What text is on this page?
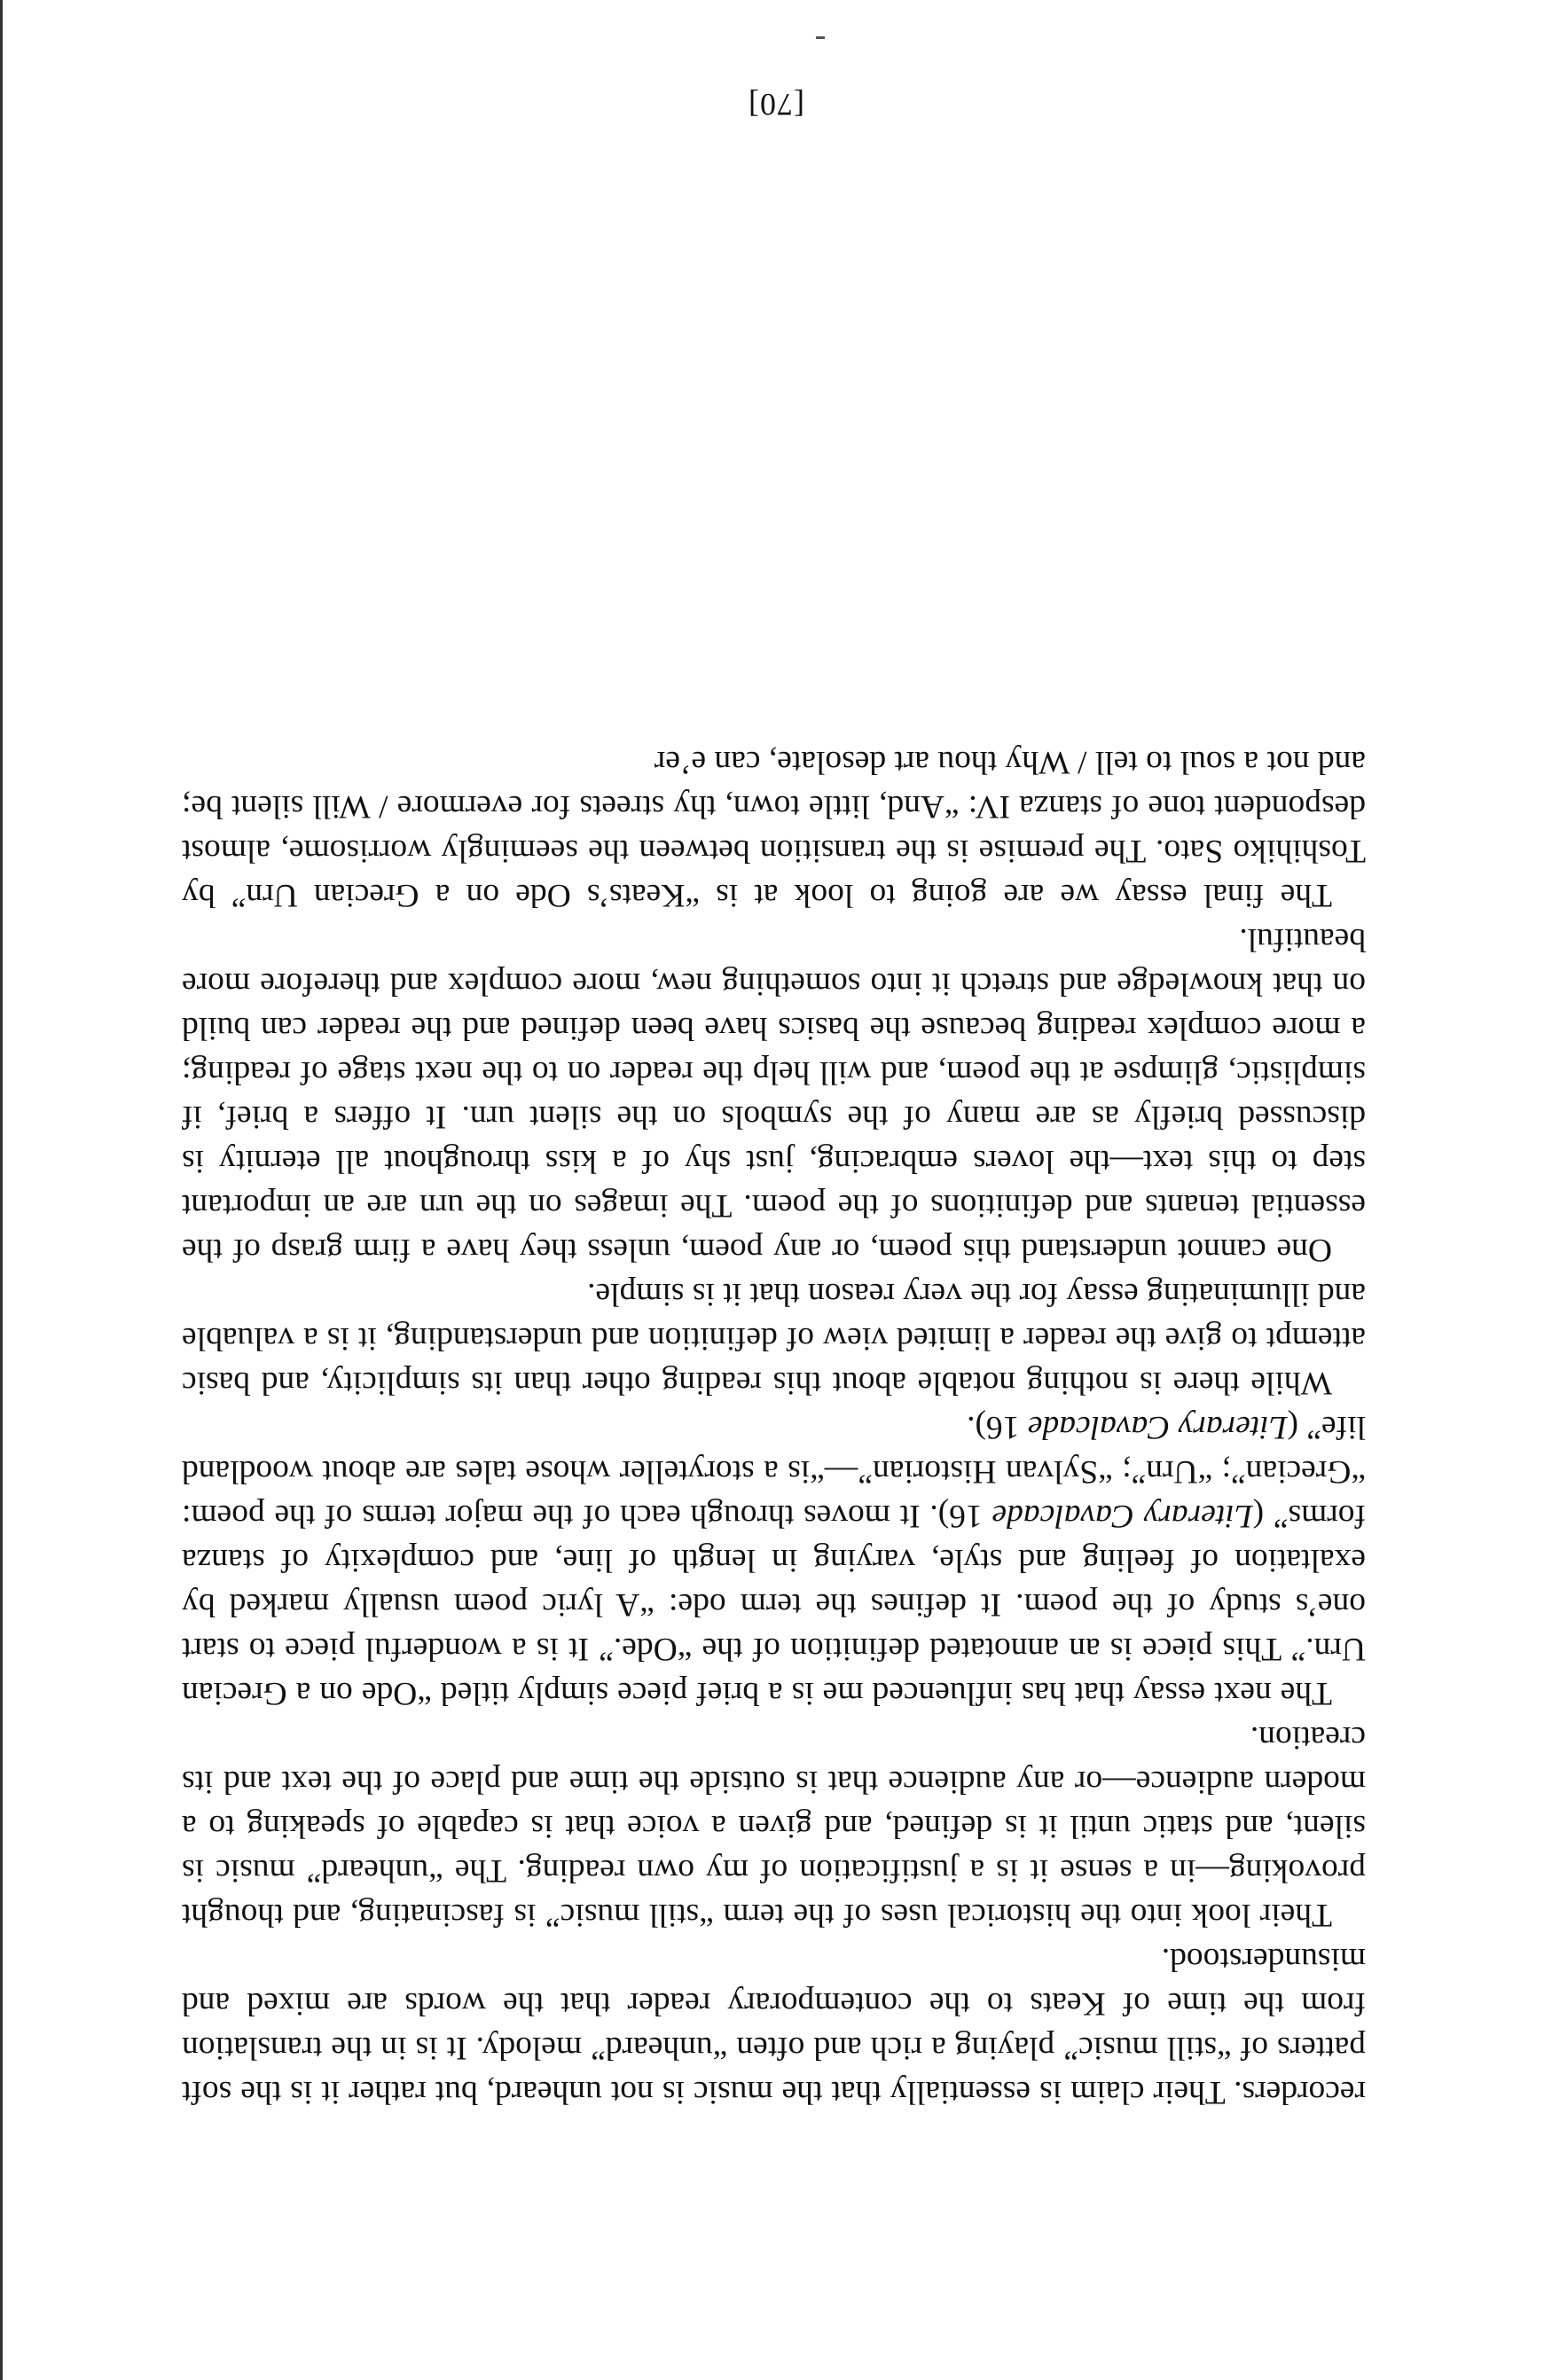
recorders. Their claim is essentially that the music is not unheard, but rather it is the soft patters of “still music” playing a rich and often “unheard” melody. It is in the translation from the time of Keats to the contemporary reader that the words are mixed and misunderstood.

Their look into the historical uses of the term “still music” is fascinating, and thought provoking—in a sense it is a justification of my own reading. The “unheard” music is silent, and static until it is defined, and given a voice that is capable of speaking to a modern audience—or any audience that is outside the time and place of the text and its creation.

The next essay that has influenced me is a brief piece simply titled “Ode on a Grecian Urn.” This piece is an annotated definition of the “Ode.” It is a wonderful piece to start one’s study of the poem. It defines the term ode: “A lyric poem usually marked by exaltation of feeling and style, varying in length of line, and complexity of stanza forms” (Literary Cavalcade 16). It moves through each of the major terms of the poem: “Grecian”; “Urn”; “Sylvan Historian”—“is a storyteller whose tales are about woodland life” (Literary Cavalcade 16).

While there is nothing notable about this reading other than its simplicity, and basic attempt to give the reader a limited view of definition and understanding, it is a valuable and illuminating essay for the very reason that it is simple.

One cannot understand this poem, or any poem, unless they have a firm grasp of the essential tenants and definitions of the poem. The images on the urn are an important step to this text—the lovers embracing, just shy of a kiss throughout all eternity is discussed briefly as are many of the symbols on the silent urn. It offers a brief, if simplistic, glimpse at the poem, and will help the reader on to the next stage of reading; a more complex reading because the basics have been defined and the reader can build on that knowledge and stretch it into something new, more complex and therefore more beautiful.

The final essay we are going to look at is “Keats’s Ode on a Grecian Urn” by Toshihiko Sato. The premise is the transition between the seemingly worrisome, almost despondent tone of stanza IV: “And, little town, thy streets for evermore / Will silent be; and not a soul to tell / Why thou art desolate, can e’er

[70]
